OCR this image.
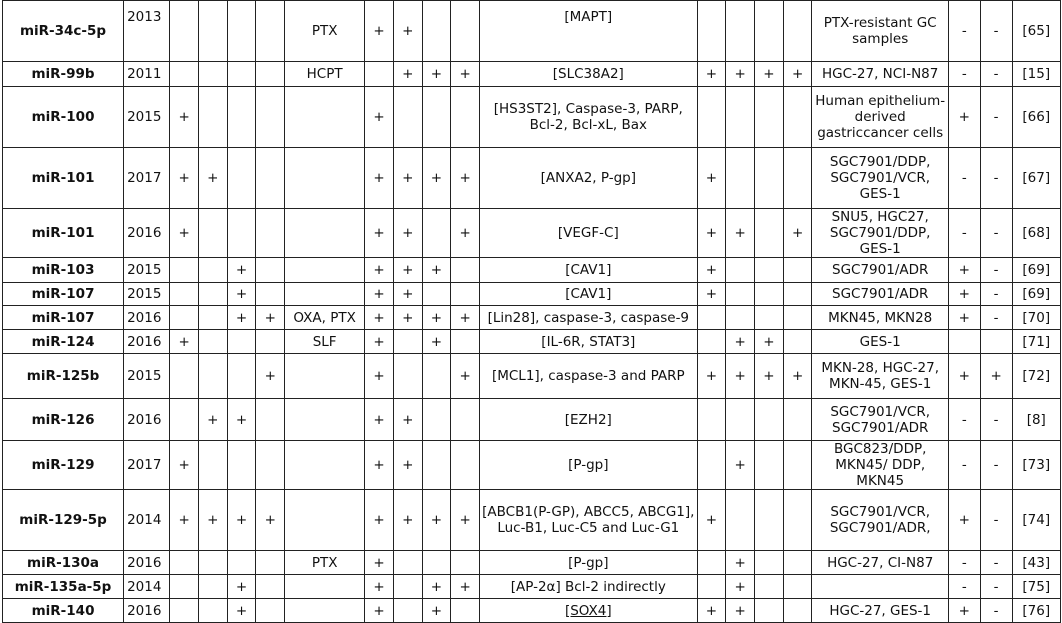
miR-34c-5p	2013					PTX	+	+			[MAPT]					PTX-resistant GC samples	-	-	[65]
miR-99b	2011					HCPT		+	+	+	[SLC38A2]	+	+	+	+	HGC-27, NCI-N87	-	-	[15]
miR-100	2015	+					+				[HS3ST2], Caspase-3, PARP, Bcl-2, Bcl-xL, Bax					Human epithelium-derived gastriccancer cells	+	-	[66]
miR-101	2017	+	+				+	+	+	+	[ANXA2, P-gp]	+				SGC7901/DDP, SGC7901/VCR, GES-1	-	-	[67]
miR-101	2016	+					+	+		+	[VEGF-C]	+	+		+	SNU5, HGC27, SGC7901/DDP, GES-1	-	-	[68]
miR-103	2015			+			+	+	+		[CAV1]	+				SGC7901/ADR	+	-	[69]
miR-107	2015			+			+	+			[CAV1]	+				SGC7901/ADR	+	-	[69]
miR-107	2016			+	+	OXA, PTX	+	+	+	+	[Lin28], caspase-3, caspase-9					MKN45, MKN28	+	-	[70]
miR-124	2016	+				SLF	+		+		[IL-6R, STAT3]		+	+		GES-1			[71]
miR-125b	2015				+		+			+	[MCL1], caspase-3 and PARP	+	+	+	+	MKN-28, HGC-27, MKN-45, GES-1	+	+	[72]
miR-126	2016		+	+			+	+			[EZH2]					SGC7901/VCR, SGC7901/ADR	-	-	[8]
miR-129	2017	+					+	+			[P-gp]		+			BGC823/DDP, MKN45/ DDP, MKN45	-	-	[73]
miR-129-5p	2014	+	+	+	+		+	+	+	+	[ABCB1(P-GP), ABCC5, ABCG1], Luc-B1, Luc-C5 and Luc-G1	+				SGC7901/VCR, SGC7901/ADR,	+	-	[74]
miR-130a	2016					PTX	+				[P-gp]		+			HGC-27, CI-N87	-	-	[43]
miR-135a-5p	2014			+			+		+	+	[AP-2α] Bcl-2 indirectly		+				-	-	[75]
miR-140	2016			+			+		+		[SOX4]	+	+			HGC-27, GES-1	+	-	[76]
